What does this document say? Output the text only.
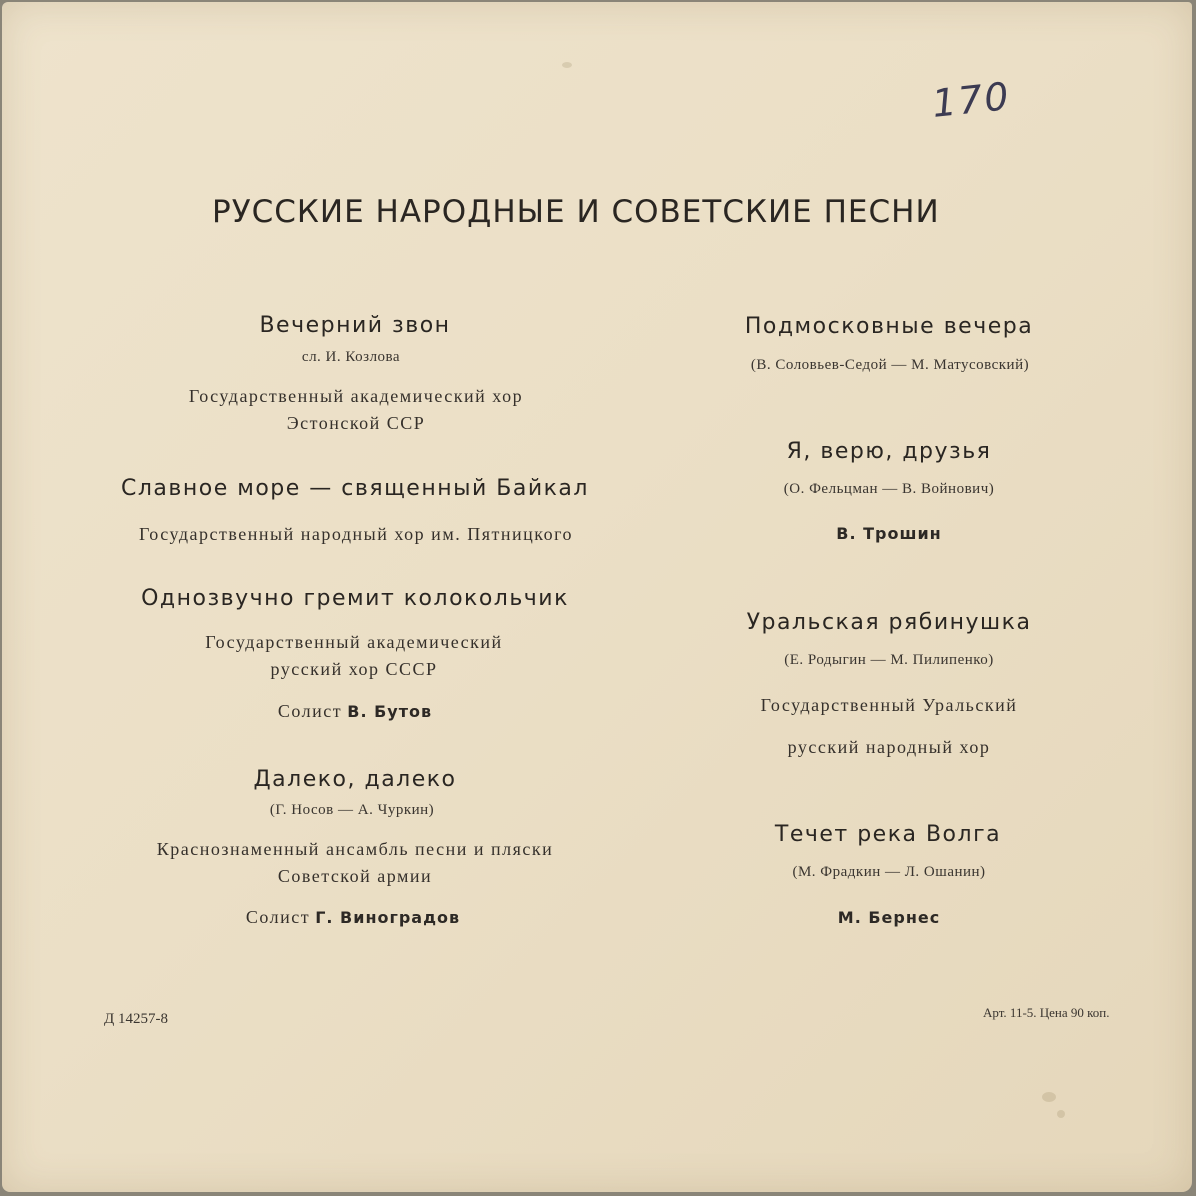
170
РУССКИЕ НАРОДНЫЕ И СОВЕТСКИЕ ПЕСНИ
Вечерний звон
сл. И. Козлова
Государственный академический хор
Эстонской ССР
Славное море — священный Байкал
Государственный народный хор им. Пятницкого
Однозвучно гремит колокольчик
Государственный академический
русский хор СССР
Солист В. Бутов
Далеко, далеко
(Г. Носов — А. Чуркин)
Краснознаменный ансамбль песни и пляски
Советской армии
Солист Г. Виноградов
Подмосковные вечера
(В. Соловьев-Седой — М. Матусовский)
Я, верю, друзья
(О. Фельцман — В. Войнович)
В. Трошин
Уральская рябинушка
(Е. Родыгин — М. Пилипенко)
Государственный Уральский
русский народный хор
Течет река Волга
(М. Фрадкин — Л. Ошанин)
М. Бернес
Д 14257-8	Арт. 11-5. Цена 90 коп.
